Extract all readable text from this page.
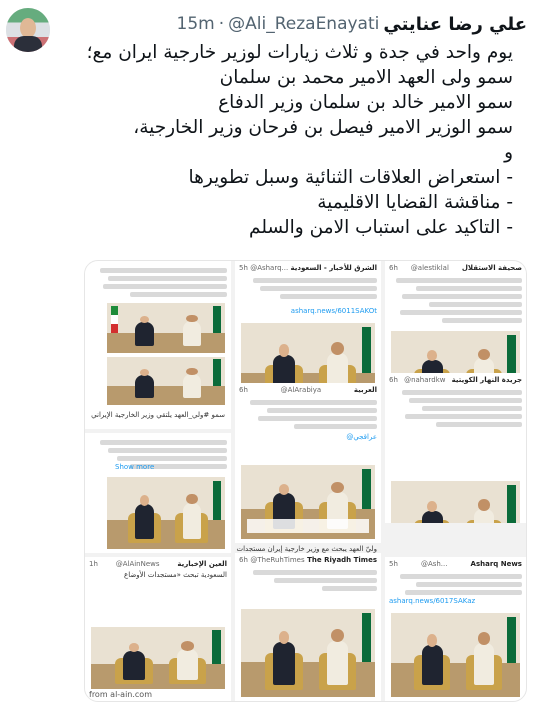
15m · @Ali_RezaEnayati علي رضا عنايتي
يوم واحد في جدة و ثلاث زيارات لوزير خارجية ايران مع؛
سمو ولى العهد الامير محمد بن سلمان
سمو الامير خالد بن سلمان وزير الدفاع
سمو الوزير الامير فيصل بن فرحان وزير الخارجية،
و
- استعراض العلاقات الثنائية وسبل تطويرها
- مناقشة القضايا الاقليمية
- التاكيد على استباب الامن والسلم
6h @alestiklal صحيفة الاستقلال
6h @nahardkw جريدة النهار الكويتية
5h	@Ash...	Asharq News
asharq.news/6017SAKaz
5h @Asharq... الشرق للأخبار - السعودية
asharq.news/6011SAKOt
6h	@AlArabiya	العربية
@عراقجي
6h @TheRuhTimes The Riyadh Times
سمو #ولي_العهد يلتقي وزير الخارجية الإيراني
Show more
1h	@AlAinNews	العين الإخبارية
السعودية تبحث «مستجدات الأوضاع
from al-ain.com
وليّ العهد يبحث مع وزير خارجية إيران مستجدات
